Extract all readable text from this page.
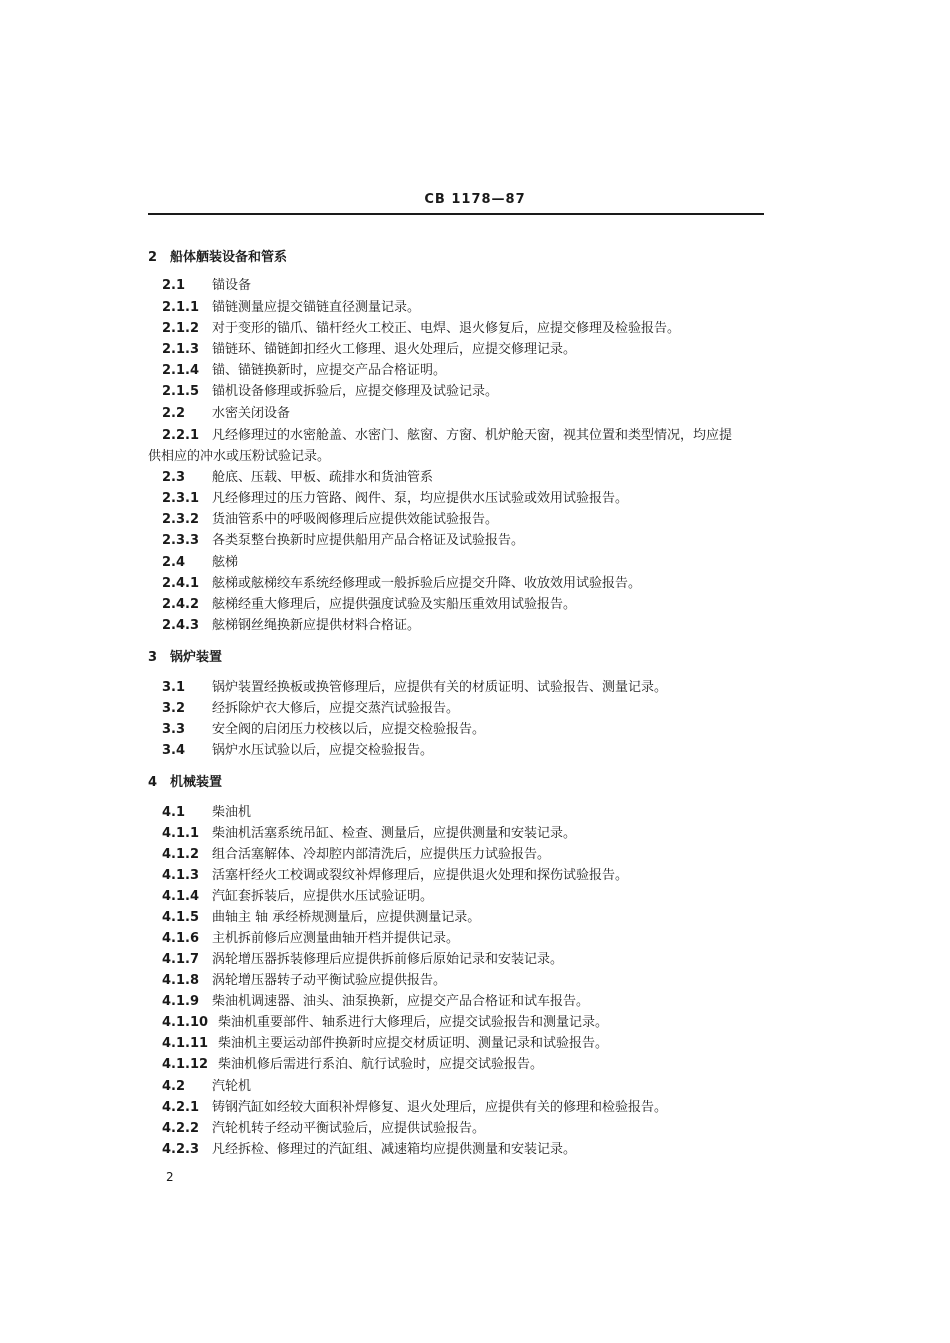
CB 1178—87
2 船体舾装设备和管系
2.1 锚设备
2.1.1 锚链测量应提交锚链直径测量记录。
2.1.2 对于变形的锚爪、锚杆经火工校正、电焊、退火修复后，应提交修理及检验报告。
2.1.3 锚链环、锚链卸扣经火工修理、退火处理后，应提交修理记录。
2.1.4 锚、锚链换新时，应提交产品合格证明。
2.1.5 锚机设备修理或拆验后，应提交修理及试验记录。
2.2 水密关闭设备
2.2.1 凡经修理过的水密舱盖、水密门、舷窗、方窗、机炉舱天窗，视其位置和类型情况，均应提
供相应的冲水或压粉试验记录。
2.3 舱底、压载、甲板、疏排水和货油管系
2.3.1 凡经修理过的压力管路、阀件、泵，均应提供水压试验或效用试验报告。
2.3.2 货油管系中的呼吸阀修理后应提供效能试验报告。
2.3.3 各类泵整台换新时应提供船用产品合格证及试验报告。
2.4 舷梯
2.4.1 舷梯或舷梯绞车系统经修理或一般拆验后应提交升降、收放效用试验报告。
2.4.2 舷梯经重大修理后，应提供强度试验及实船压重效用试验报告。
2.4.3 舷梯钢丝绳换新应提供材料合格证。
3 锅炉装置
3.1 锅炉装置经换板或换管修理后，应提供有关的材质证明、试验报告、测量记录。
3.2 经拆除炉衣大修后，应提交蒸汽试验报告。
3.3 安全阀的启闭压力校核以后，应提交检验报告。
3.4 锅炉水压试验以后，应提交检验报告。
4 机械装置
4.1 柴油机
4.1.1 柴油机活塞系统吊缸、检查、测量后，应提供测量和安装记录。
4.1.2 组合活塞解体、冷却腔内部清洗后，应提供压力试验报告。
4.1.3 活塞杆经火工校调或裂纹补焊修理后，应提供退火处理和探伤试验报告。
4.1.4 汽缸套拆装后，应提供水压试验证明。
4.1.5 曲轴主 轴 承经桥规测量后，应提供测量记录。
4.1.6 主机拆前修后应测量曲轴开档并提供记录。
4.1.7 涡轮增压器拆装修理后应提供拆前修后原始记录和安装记录。
4.1.8 涡轮增压器转子动平衡试验应提供报告。
4.1.9 柴油机调速器、油头、油泵换新，应提交产品合格证和试车报告。
4.1.10 柴油机重要部件、轴系进行大修理后，应提交试验报告和测量记录。
4.1.11 柴油机主要运动部件换新时应提交材质证明、测量记录和试验报告。
4.1.12 柴油机修后需进行系泊、航行试验时，应提交试验报告。
4.2 汽轮机
4.2.1 铸钢汽缸如经较大面积补焊修复、退火处理后，应提供有关的修理和检验报告。
4.2.2 汽轮机转子经动平衡试验后，应提供试验报告。
4.2.3 凡经拆检、修理过的汽缸组、减速箱均应提供测量和安装记录。
2
